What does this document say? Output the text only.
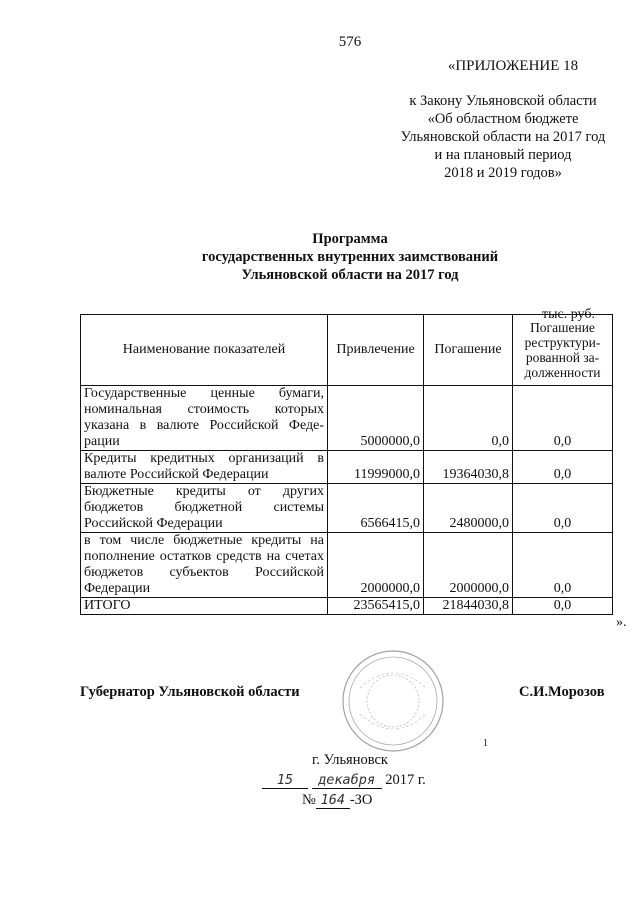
576
«ПРИЛОЖЕНИЕ 18
к Закону Ульяновской области
«Об областном бюджете
Ульяновской области на 2017 год
и на плановый период
2018 и 2019 годов»
Программа
государственных внутренних заимствований
Ульяновской области на 2017 год
тыс. руб.
Наименование показателей	Привлечение	Погашение	Погашение реструктури-рованной за-долженности
Государственные ценные бумаги, номинальная стоимость которых указана в валюте Российской Феде-рации	5000000,0	0,0	0,0
Кредиты кредитных организаций в валюте Российской Федерации	11999000,0	19364030,8	0,0
Бюджетные кредиты от других бюджетов бюджетной системы Российской Федерации	6566415,0	2480000,0	0,0
в том числе бюджетные кредиты на пополнение остатков средств на счетах бюджетов субъектов Российской Федерации	2000000,0	2000000,0	0,0
ИТОГО	23565415,0	21844030,8	0,0
».
Губернатор Ульяновской области	С.И.Морозов
1
г. Ульяновск
15 декабря 2017 г.
№ 164 -ЗО
